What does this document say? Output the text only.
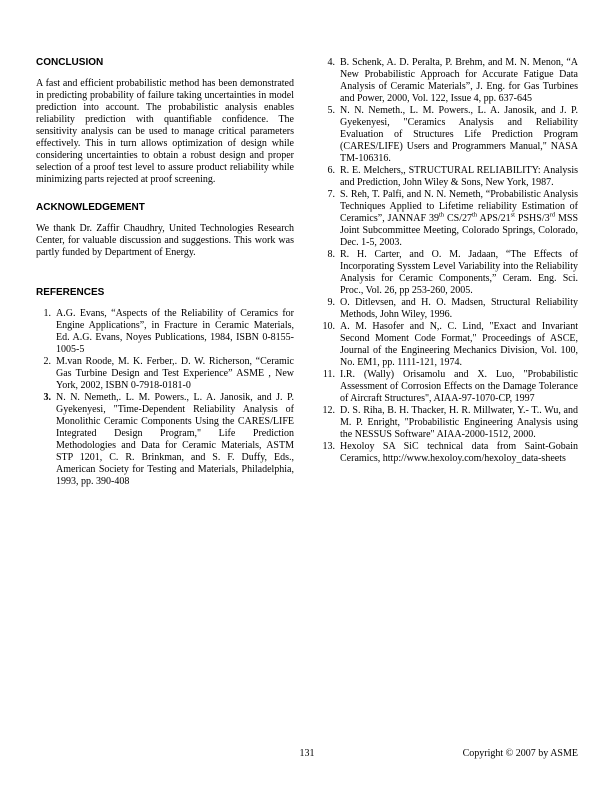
CONCLUSION

A fast and efficient probabilistic method has been demonstrated in predicting probability of failure taking uncertainties in model prediction into account. The probabilistic analysis enables reliability prediction with quantifiable confidence. The sensitivity analysis can be used to manage critical parameters effectively. This in turn allows optimization of design while considering uncertainties to obtain a robust design and proper selection of a proof test level to assure product reliability while minimizing parts rejected at proof screening.

ACKNOWLEDGEMENT

We thank Dr. Zaffir Chaudhry, United Technologies Research Center, for valuable discussion and suggestions. This work was partly funded by Department of Energy.

REFERENCES
1. A.G. Evans, “Aspects of the Reliability of Ceramics for Engine Applications”, in Fracture in Ceramic Materials, Ed. A.G. Evans, Noyes Publications, 1984, ISBN 0-8155-1005-5
2. M.van Roode, M. K. Ferber,. D. W. Richerson, “Ceramic Gas Turbine Design and Test Experience” ASME , New York, 2002, ISBN 0-7918-0181-0
3. N. N. Nemeth,. L. M. Powers., L. A. Janosik, and J. P. Gyekenyesi, "Time-Dependent Reliability Analysis of Monolithic Ceramic Components Using the CARES/LIFE Integrated Design Program," Life Prediction Methodologies and Data for Ceramic Materials, ASTM STP 1201, C. R. Brinkman, and S. F. Duffy, Eds., American Society for Testing and Materials, Philadelphia, 1993, pp. 390-408
4. B. Schenk, A. D. Peralta, P. Brehm, and M. N. Menon, “A New Probabilistic Approach for Accurate Fatigue Data Analysis of Ceramic Materials”, J. Eng. for Gas Turbines and Power, 2000, Vol. 122, Issue 4, pp. 637-645
5. N. N. Nemeth., L. M. Powers., L. A. Janosik, and J. P. Gyekenyesi, "Ceramics Analysis and Reliability Evaluation of Structures Life Prediction Program (CARES/LIFE) Users and Programmers Manual," NASA TM-106316.
6. R. E. Melchers,, STRUCTURAL RELIABILITY: Analysis and Prediction, John Wiley & Sons, New York, 1987.
7. S. Reh, T. Palfi, and N. N. Nemeth, “Probabilistic Analysis Techniques Applied to Lifetime reliability Estimation of Ceramics”, JANNAF 39th CS/27th APS/21st PSHS/3rd MSS Joint Subcommittee Meeting, Colorado Springs, Colorado, Dec. 1-5, 2003.
8. R. H. Carter, and O. M. Jadaan, “The Effects of Incorporating Sysstem Level Variability into the Reliability Analysis for Ceramic Components,” Ceram. Eng. Sci. Proc., Vol. 26, pp 253-260, 2005.
9. O. Ditlevsen, and H. O. Madsen, Structural Reliability Methods, John Wiley, 1996.
10. A. M. Hasofer and N,. C. Lind, "Exact and Invariant Second Moment Code Format," Proceedings of ASCE, Journal of the Engineering Mechanics Division, Vol. 100, No. EM1, pp. 1111-121, 1974.
11. I.R. (Wally) Orisamolu and X. Luo, "Probabilistic Assessment of Corrosion Effects on the Damage Tolerance of Aircraft Structures", AIAA-97-1070-CP, 1997
12. D. S. Riha, B. H. Thacker, H. R. Millwater, Y.- T.. Wu, and M. P. Enright, "Probabilistic Engineering Analysis using the NESSUS Software" AIAA-2000-1512, 2000.
13. Hexoloy SA SiC technical data from Saint-Gobain Ceramics, http://www.hexoloy.com/hexoloy_data-sheets
131	Copyright © 2007 by ASME
